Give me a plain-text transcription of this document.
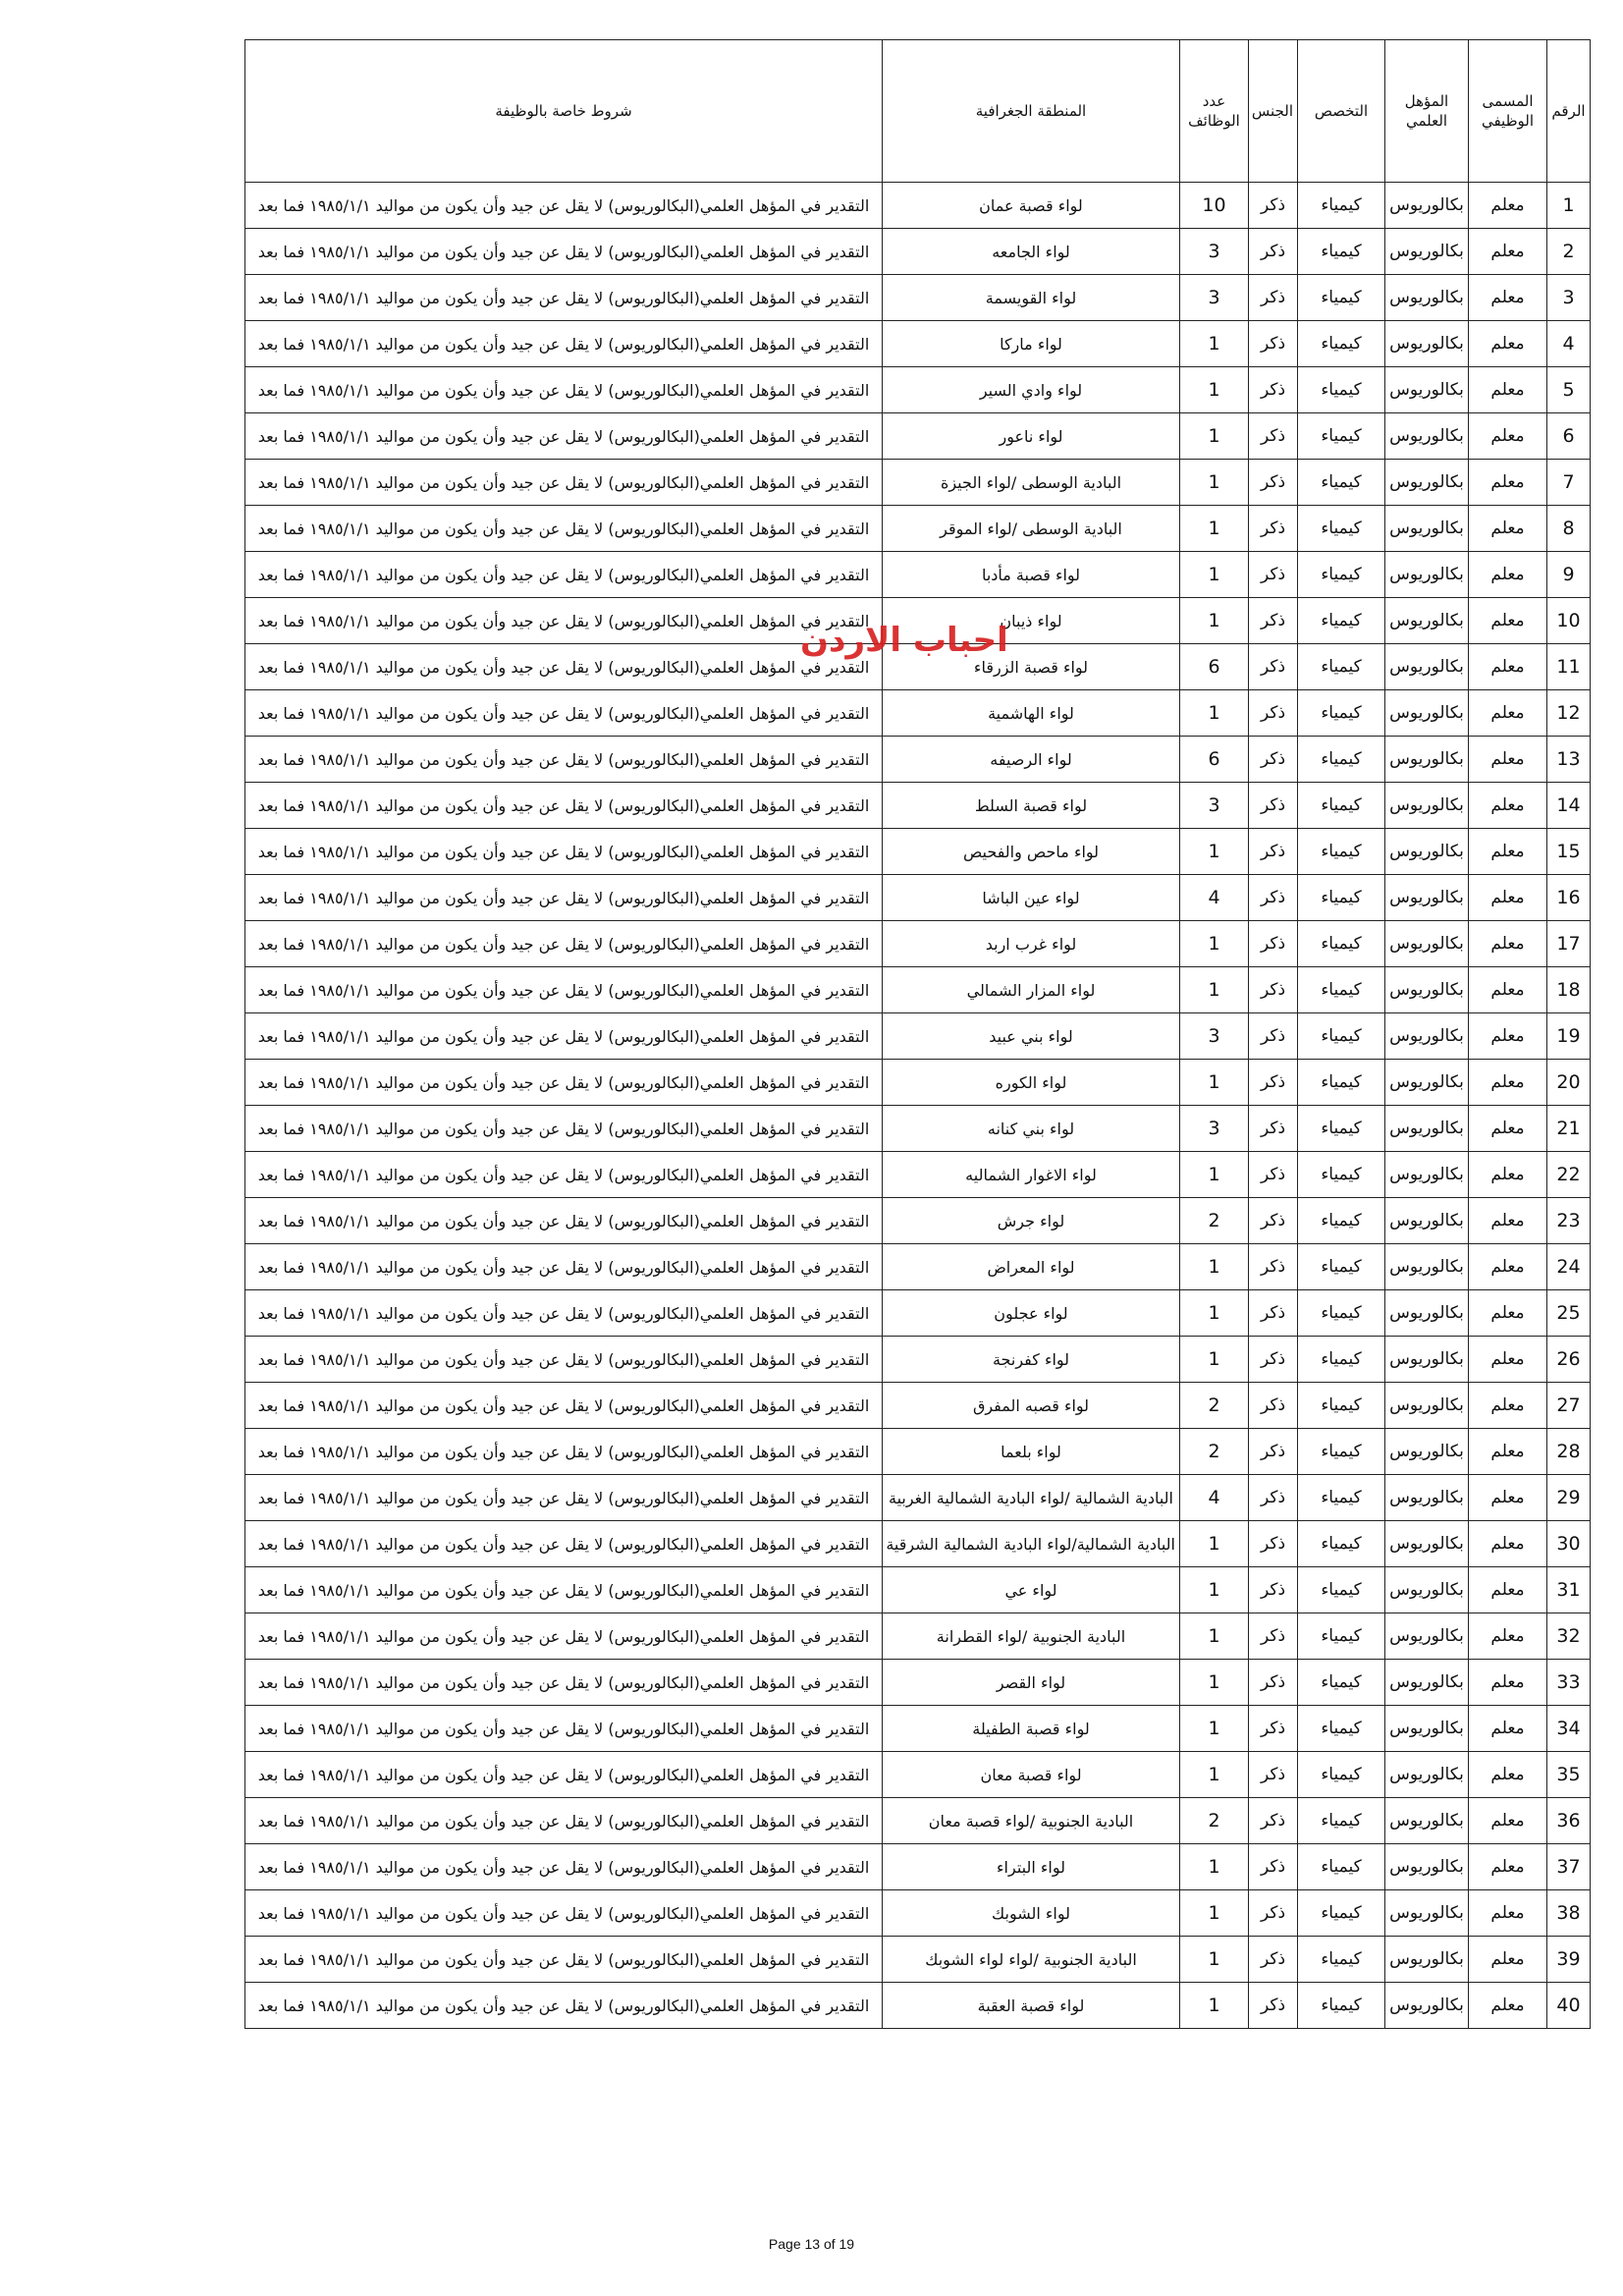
الرقم	المسمى الوظيفي	المؤهل العلمي	التخصص	الجنس	عدد الوظائف	المنطقة الجغرافية	شروط خاصة بالوظيفة
1	معلم	بكالوريوس	كيمياء	ذكر	10	لواء قصبة عمان	التقدير في المؤهل العلمي(البكالوريوس) لا يقل عن جيد وأن يكون من مواليد ١٩٨٥/١/١ فما بعد
2	معلم	بكالوريوس	كيمياء	ذكر	3	لواء الجامعه	التقدير في المؤهل العلمي(البكالوريوس) لا يقل عن جيد وأن يكون من مواليد ١٩٨٥/١/١ فما بعد
3	معلم	بكالوريوس	كيمياء	ذكر	3	لواء القويسمة	التقدير في المؤهل العلمي(البكالوريوس) لا يقل عن جيد وأن يكون من مواليد ١٩٨٥/١/١ فما بعد
4	معلم	بكالوريوس	كيمياء	ذكر	1	لواء ماركا	التقدير في المؤهل العلمي(البكالوريوس) لا يقل عن جيد وأن يكون من مواليد ١٩٨٥/١/١ فما بعد
5	معلم	بكالوريوس	كيمياء	ذكر	1	لواء وادي السير	التقدير في المؤهل العلمي(البكالوريوس) لا يقل عن جيد وأن يكون من مواليد ١٩٨٥/١/١ فما بعد
6	معلم	بكالوريوس	كيمياء	ذكر	1	لواء ناعور	التقدير في المؤهل العلمي(البكالوريوس) لا يقل عن جيد وأن يكون من مواليد ١٩٨٥/١/١ فما بعد
7	معلم	بكالوريوس	كيمياء	ذكر	1	البادية الوسطى /لواء الجيزة	التقدير في المؤهل العلمي(البكالوريوس) لا يقل عن جيد وأن يكون من مواليد ١٩٨٥/١/١ فما بعد
8	معلم	بكالوريوس	كيمياء	ذكر	1	البادية الوسطى /لواء الموقر	التقدير في المؤهل العلمي(البكالوريوس) لا يقل عن جيد وأن يكون من مواليد ١٩٨٥/١/١ فما بعد
9	معلم	بكالوريوس	كيمياء	ذكر	1	لواء قصبة مأدبا	التقدير في المؤهل العلمي(البكالوريوس) لا يقل عن جيد وأن يكون من مواليد ١٩٨٥/١/١ فما بعد
10	معلم	بكالوريوس	كيمياء	ذكر	1	لواء ذيبان	التقدير في المؤهل العلمي(البكالوريوس) لا يقل عن جيد وأن يكون من مواليد ١٩٨٥/١/١ فما بعد
11	معلم	بكالوريوس	كيمياء	ذكر	6	لواء قصبة الزرقاء	التقدير في المؤهل العلمي(البكالوريوس) لا يقل عن جيد وأن يكون من مواليد ١٩٨٥/١/١ فما بعد
12	معلم	بكالوريوس	كيمياء	ذكر	1	لواء الهاشمية	التقدير في المؤهل العلمي(البكالوريوس) لا يقل عن جيد وأن يكون من مواليد ١٩٨٥/١/١ فما بعد
13	معلم	بكالوريوس	كيمياء	ذكر	6	لواء الرصيفه	التقدير في المؤهل العلمي(البكالوريوس) لا يقل عن جيد وأن يكون من مواليد ١٩٨٥/١/١ فما بعد
14	معلم	بكالوريوس	كيمياء	ذكر	3	لواء قصبة السلط	التقدير في المؤهل العلمي(البكالوريوس) لا يقل عن جيد وأن يكون من مواليد ١٩٨٥/١/١ فما بعد
15	معلم	بكالوريوس	كيمياء	ذكر	1	لواء ماحص والفحيص	التقدير في المؤهل العلمي(البكالوريوس) لا يقل عن جيد وأن يكون من مواليد ١٩٨٥/١/١ فما بعد
16	معلم	بكالوريوس	كيمياء	ذكر	4	لواء عين الباشا	التقدير في المؤهل العلمي(البكالوريوس) لا يقل عن جيد وأن يكون من مواليد ١٩٨٥/١/١ فما بعد
17	معلم	بكالوريوس	كيمياء	ذكر	1	لواء غرب اربد	التقدير في المؤهل العلمي(البكالوريوس) لا يقل عن جيد وأن يكون من مواليد ١٩٨٥/١/١ فما بعد
18	معلم	بكالوريوس	كيمياء	ذكر	1	لواء المزار الشمالي	التقدير في المؤهل العلمي(البكالوريوس) لا يقل عن جيد وأن يكون من مواليد ١٩٨٥/١/١ فما بعد
19	معلم	بكالوريوس	كيمياء	ذكر	3	لواء بني عبيد	التقدير في المؤهل العلمي(البكالوريوس) لا يقل عن جيد وأن يكون من مواليد ١٩٨٥/١/١ فما بعد
20	معلم	بكالوريوس	كيمياء	ذكر	1	لواء الكوره	التقدير في المؤهل العلمي(البكالوريوس) لا يقل عن جيد وأن يكون من مواليد ١٩٨٥/١/١ فما بعد
21	معلم	بكالوريوس	كيمياء	ذكر	3	لواء بني كنانه	التقدير في المؤهل العلمي(البكالوريوس) لا يقل عن جيد وأن يكون من مواليد ١٩٨٥/١/١ فما بعد
22	معلم	بكالوريوس	كيمياء	ذكر	1	لواء الاغوار الشماليه	التقدير في المؤهل العلمي(البكالوريوس) لا يقل عن جيد وأن يكون من مواليد ١٩٨٥/١/١ فما بعد
23	معلم	بكالوريوس	كيمياء	ذكر	2	لواء جرش	التقدير في المؤهل العلمي(البكالوريوس) لا يقل عن جيد وأن يكون من مواليد ١٩٨٥/١/١ فما بعد
24	معلم	بكالوريوس	كيمياء	ذكر	1	لواء المعراض	التقدير في المؤهل العلمي(البكالوريوس) لا يقل عن جيد وأن يكون من مواليد ١٩٨٥/١/١ فما بعد
25	معلم	بكالوريوس	كيمياء	ذكر	1	لواء عجلون	التقدير في المؤهل العلمي(البكالوريوس) لا يقل عن جيد وأن يكون من مواليد ١٩٨٥/١/١ فما بعد
26	معلم	بكالوريوس	كيمياء	ذكر	1	لواء كفرنجة	التقدير في المؤهل العلمي(البكالوريوس) لا يقل عن جيد وأن يكون من مواليد ١٩٨٥/١/١ فما بعد
27	معلم	بكالوريوس	كيمياء	ذكر	2	لواء قصبه المفرق	التقدير في المؤهل العلمي(البكالوريوس) لا يقل عن جيد وأن يكون من مواليد ١٩٨٥/١/١ فما بعد
28	معلم	بكالوريوس	كيمياء	ذكر	2	لواء بلعما	التقدير في المؤهل العلمي(البكالوريوس) لا يقل عن جيد وأن يكون من مواليد ١٩٨٥/١/١ فما بعد
29	معلم	بكالوريوس	كيمياء	ذكر	4	البادية الشمالية /لواء البادية الشمالية الغربية	التقدير في المؤهل العلمي(البكالوريوس) لا يقل عن جيد وأن يكون من مواليد ١٩٨٥/١/١ فما بعد
30	معلم	بكالوريوس	كيمياء	ذكر	1	البادية الشمالية/لواء البادية الشمالية الشرقية	التقدير في المؤهل العلمي(البكالوريوس) لا يقل عن جيد وأن يكون من مواليد ١٩٨٥/١/١ فما بعد
31	معلم	بكالوريوس	كيمياء	ذكر	1	لواء عي	التقدير في المؤهل العلمي(البكالوريوس) لا يقل عن جيد وأن يكون من مواليد ١٩٨٥/١/١ فما بعد
32	معلم	بكالوريوس	كيمياء	ذكر	1	البادية الجنوبية /لواء القطرانة	التقدير في المؤهل العلمي(البكالوريوس) لا يقل عن جيد وأن يكون من مواليد ١٩٨٥/١/١ فما بعد
33	معلم	بكالوريوس	كيمياء	ذكر	1	لواء القصر	التقدير في المؤهل العلمي(البكالوريوس) لا يقل عن جيد وأن يكون من مواليد ١٩٨٥/١/١ فما بعد
34	معلم	بكالوريوس	كيمياء	ذكر	1	لواء قصبة الطفيلة	التقدير في المؤهل العلمي(البكالوريوس) لا يقل عن جيد وأن يكون من مواليد ١٩٨٥/١/١ فما بعد
35	معلم	بكالوريوس	كيمياء	ذكر	1	لواء قصبة معان	التقدير في المؤهل العلمي(البكالوريوس) لا يقل عن جيد وأن يكون من مواليد ١٩٨٥/١/١ فما بعد
36	معلم	بكالوريوس	كيمياء	ذكر	2	البادية الجنوبية /لواء قصبة معان	التقدير في المؤهل العلمي(البكالوريوس) لا يقل عن جيد وأن يكون من مواليد ١٩٨٥/١/١ فما بعد
37	معلم	بكالوريوس	كيمياء	ذكر	1	لواء البتراء	التقدير في المؤهل العلمي(البكالوريوس) لا يقل عن جيد وأن يكون من مواليد ١٩٨٥/١/١ فما بعد
38	معلم	بكالوريوس	كيمياء	ذكر	1	لواء الشوبك	التقدير في المؤهل العلمي(البكالوريوس) لا يقل عن جيد وأن يكون من مواليد ١٩٨٥/١/١ فما بعد
39	معلم	بكالوريوس	كيمياء	ذكر	1	البادية الجنوبية /لواء لواء الشوبك	التقدير في المؤهل العلمي(البكالوريوس) لا يقل عن جيد وأن يكون من مواليد ١٩٨٥/١/١ فما بعد
40	معلم	بكالوريوس	كيمياء	ذكر	1	لواء قصبة العقبة	التقدير في المؤهل العلمي(البكالوريوس) لا يقل عن جيد وأن يكون من مواليد ١٩٨٥/١/١ فما بعد
احباب الاردن
Page 13 of 19
